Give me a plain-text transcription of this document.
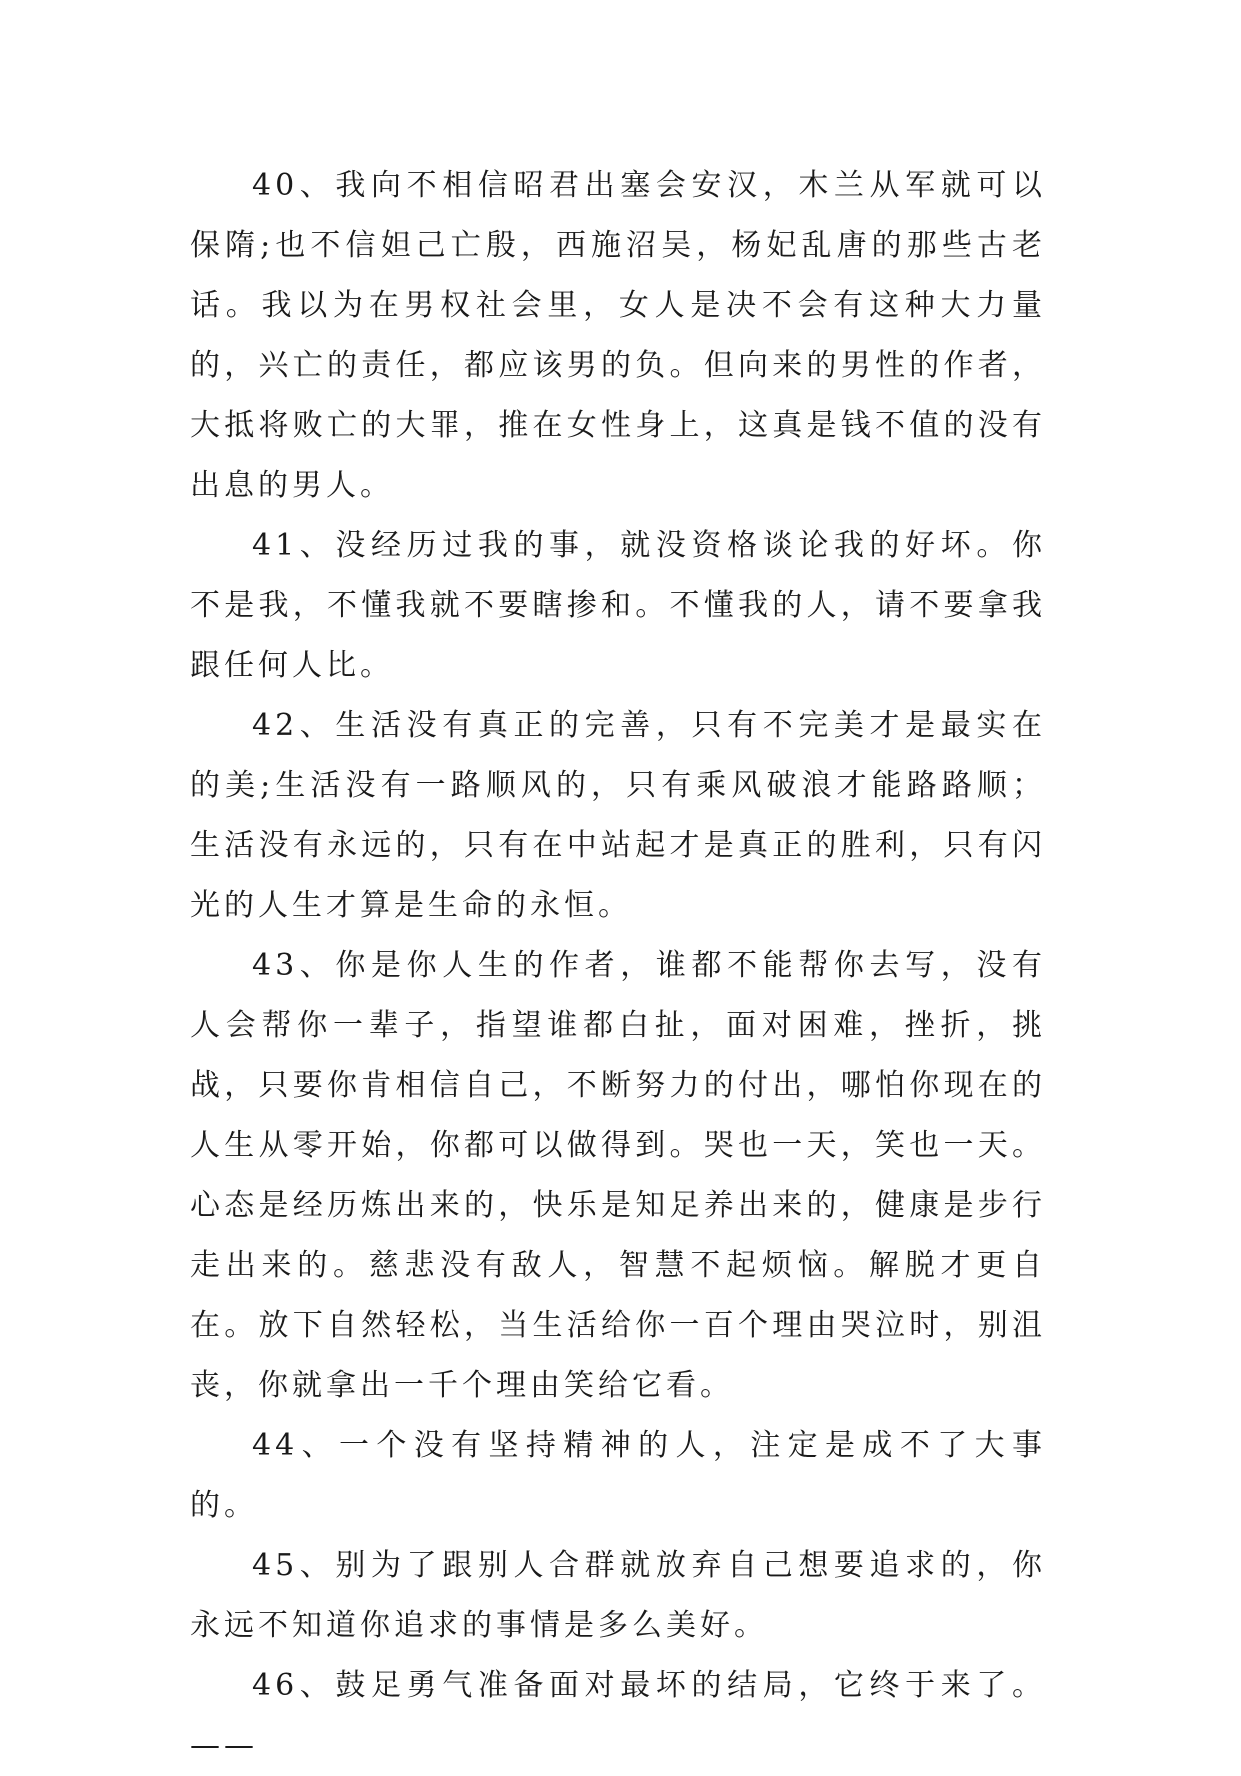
40、我向不相信昭君出塞会安汉，木兰从军就可以保隋;也不信妲己亡殷，西施沼吴，杨妃乱唐的那些古老话。我以为在男权社会里，女人是决不会有这种大力量的，兴亡的责任，都应该男的负。但向来的男性的作者，大抵将败亡的大罪，推在女性身上，这真是钱不值的没有出息的男人。

41、没经历过我的事，就没资格谈论我的好坏。你不是我，不懂我就不要瞎掺和。不懂我的人，请不要拿我跟任何人比。

42、生活没有真正的完善，只有不完美才是最实在的美;生活没有一路顺风的，只有乘风破浪才能路路顺；生活没有永远的，只有在中站起才是真正的胜利，只有闪光的人生才算是生命的永恒。

43、你是你人生的作者，谁都不能帮你去写，没有人会帮你一辈子，指望谁都白扯，面对困难，挫折，挑战，只要你肯相信自己，不断努力的付出，哪怕你现在的人生从零开始，你都可以做得到。哭也一天，笑也一天。心态是经历炼出来的，快乐是知足养出来的，健康是步行走出来的。慈悲没有敌人，智慧不起烦恼。解脱才更自在。放下自然轻松，当生活给你一百个理由哭泣时，别沮丧，你就拿出一千个理由笑给它看。

44、一个没有坚持精神的人，注定是成不了大事的。

45、别为了跟别人合群就放弃自己想要追求的，你永远不知道你追求的事情是多么美好。

46、鼓足勇气准备面对最坏的结局，它终于来了。 ——
